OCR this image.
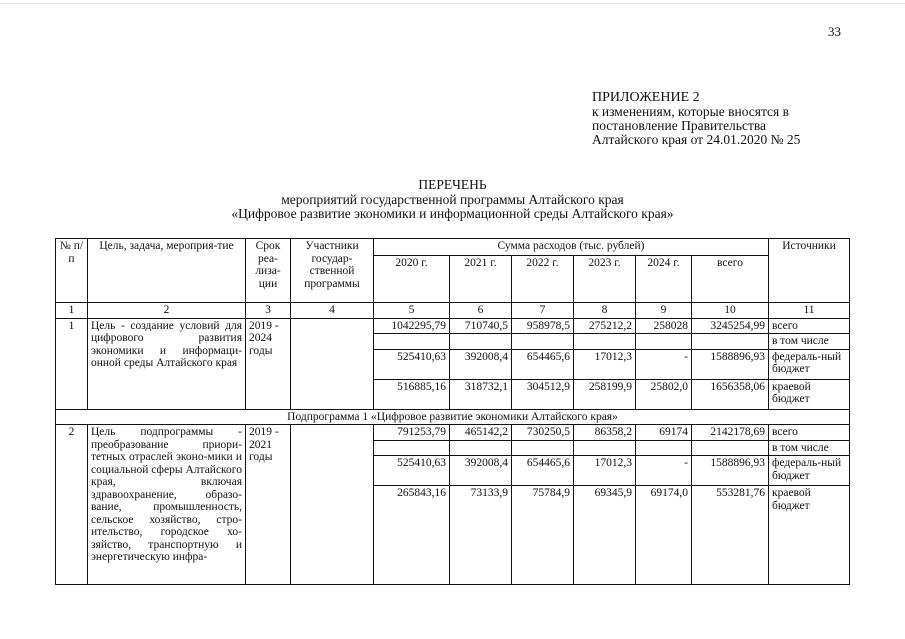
33
ПРИЛОЖЕНИЕ 2
к изменениям, которые вносятся в
постановление Правительства
Алтайского края от 24.01.2020 № 25
ПЕРЕЧЕНЬ
мероприятий государственной программы Алтайского края
«Цифровое развитие экономики и информационной среды Алтайского края»
№ п/п	Цель, задача, мероприя-тие	Срок реа-лиза-ции	Участники государ-ственной программы	Сумма расходов (тыс. рублей)						Источники
				2020 г.	2021 г.	2022 г.	2023 г.	2024 г.	всего	
1	2	3	4	5	6	7	8	9	10	11
1	Цель - создание условий для цифрового развития экономики и информаци-онной среды Алтайского края	2019 - 2024 годы		1042295,79	710740,5	958978,5	275212,2	258028	3245254,99	всего
										в том числе
				525410,63	392008,4	654465,6	17012,3	-	1588896,93	федераль-ный бюджет
				516885,16	318732,1	304512,9	258199,9	25802,0	1656358,06	краевой бюджет
Подпрограмма 1 «Цифровое развитие экономики Алтайского края»										
2	Цель подпрограммы - преобразование приори-тетных отраслей эконо-мики и социальной сферы Алтайского края, включая здравоохранение, образо-вание, промышленность, сельское хозяйство, стро-ительство, городское хо-зяйство, транспортную и энергетическую инфра-	2019 - 2021 годы		791253,79	465142,2	730250,5	86358,2	69174	2142178,69	всего
										в том числе
				525410,63	392008,4	654465,6	17012,3	-	1588896,93	федераль-ный бюджет
				265843,16	73133,9	75784,9	69345,9	69174,0	553281,76	краевой бюджет
